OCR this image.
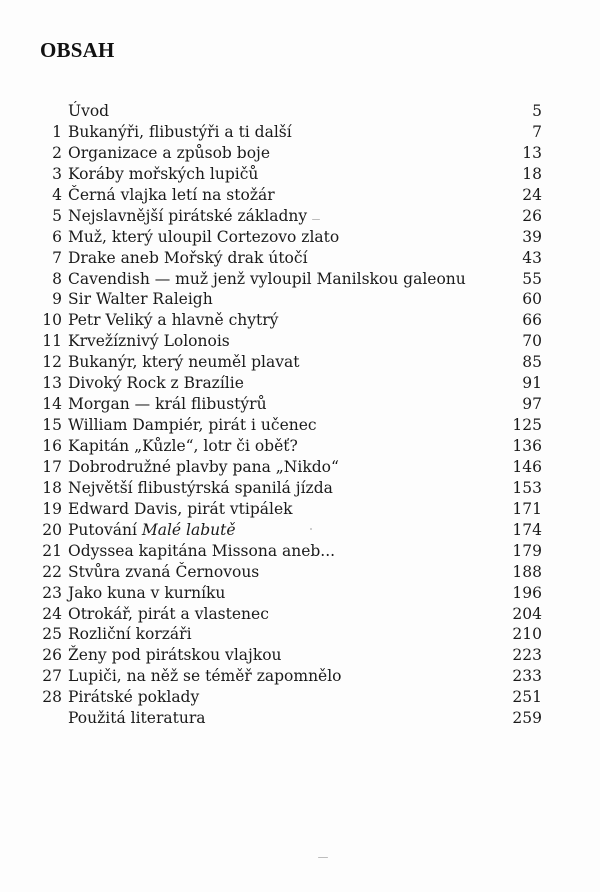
OBSAH
Úvod	5
1 Bukanýři, flibustýři a ti další	7
2 Organizace a způsob boje	13
3 Koráby mořských lupičů	18
4 Černá vlajka letí na stožár	24
5 Nejslavnější pirátské základny	26
6 Muž, který uloupil Cortezovo zlato	39
7 Drake aneb Mořský drak útočí	43
8 Cavendish — muž jenž vyloupil Manilskou galeonu	55
9 Sir Walter Raleigh	60
10 Petr Veliký a hlavně chytrý	66
11 Krvežíznivý Lolonois	70
12 Bukanýr, který neuměl plavat	85
13 Divoký Rock z Brazílie	91
14 Morgan — král flibustýrů	97
15 William Dampiér, pirát i učenec	125
16 Kapitán „Kůzle“, lotr či oběť?	136
17 Dobrodružné plavby pana „Nikdo“	146
18 Největší flibustýrská spanilá jízda	153
19 Edward Davis, pirát vtipálek	171
20 Putování Malé labutě	174
21 Odyssea kapitána Missona aneb...	179
22 Stvůra zvaná Černovous	188
23 Jako kuna v kurníku	196
24 Otrokář, pirát a vlastenec	204
25 Rozliční korzáři	210
26 Ženy pod pirátskou vlajkou	223
27 Lupiči, na něž se téměř zapomnělo	233
28 Pirátské poklady	251
Použitá literatura	259
